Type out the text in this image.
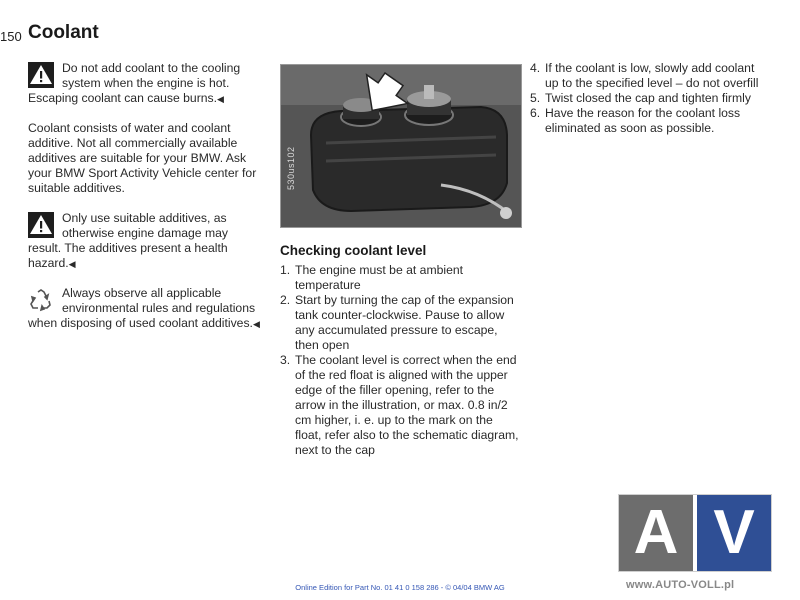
150 Coolant
Do not add coolant to the cooling system when the engine is hot. Escaping coolant can cause burns.◀

Coolant consists of water and coolant additive. Not all commercially available additives are suitable for your BMW. Ask your BMW Sport Activity Vehicle center for suitable additives.

Only use suitable additives, as otherwise engine damage may result. The additives present a health hazard.◀
Always observe all applicable environmental rules and regulations when disposing of used coolant additives.◀
530us102
Checking coolant level
1. The engine must be at ambient temperature
2. Start by turning the cap of the expansion tank counter-clockwise. Pause to allow any accumulated pressure to escape, then open
3. The coolant level is correct when the end of the red float is aligned with the upper edge of the filler opening, refer to the arrow in the illustration, or max. 0.8 in/2 cm higher, i. e. up to the mark on the float, refer also to the schematic diagram, next to the cap
4. If the coolant is low, slowly add coolant up to the specified level – do not overfill
5. Twist closed the cap and tighten firmly
6. Have the reason for the coolant loss eliminated as soon as possible.
A V
www.AUTO-VOLL.pl
Online Edition for Part No. 01 41 0 158 286 - © 04/04 BMW AG
